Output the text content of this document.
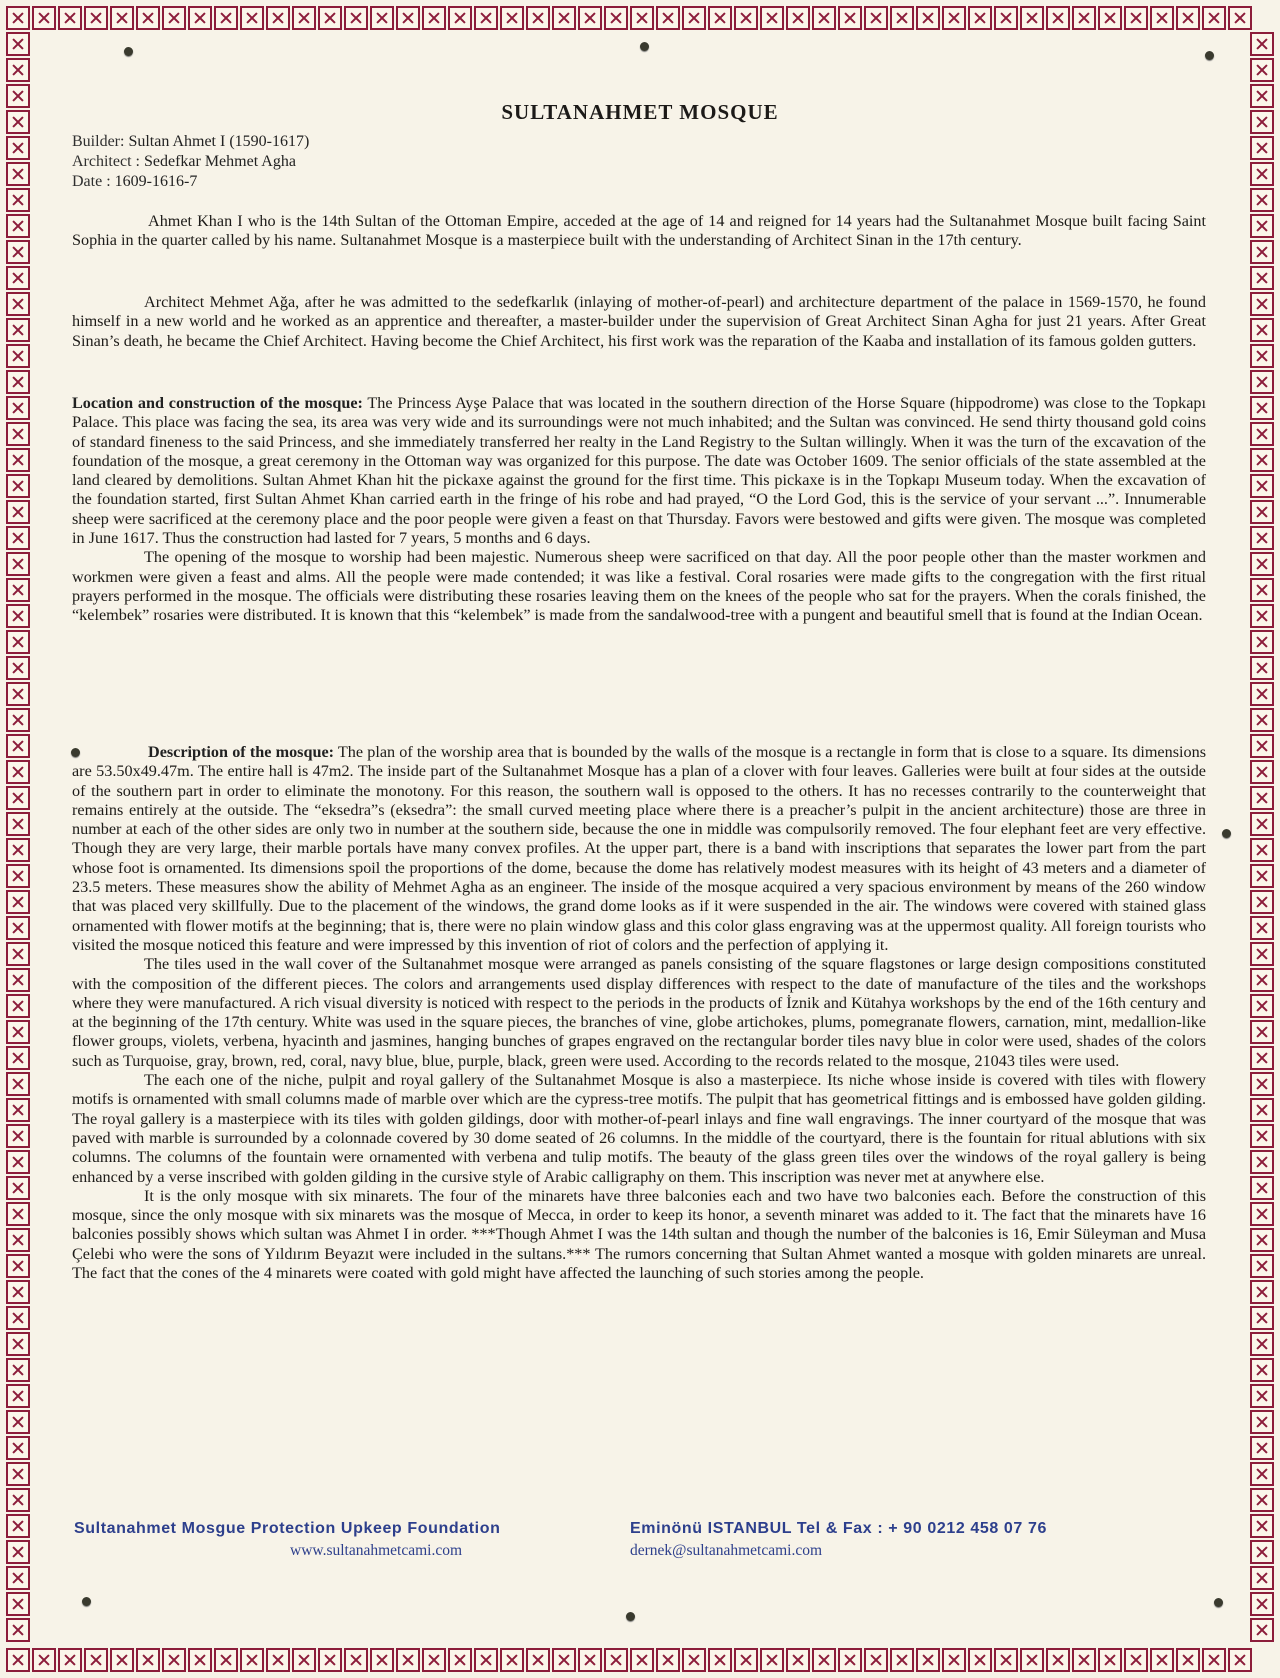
SULTANAHMET MOSQUE
Builder: Sultan Ahmet I (1590-1617)
Architect : Sedefkar Mehmet Agha
Date : 1609-1616-7

Ahmet Khan I who is the 14th Sultan of the Ottoman Empire, acceded at the age of 14 and reigned for 14 years had the Sultanahmet Mosque built facing Saint Sophia in the quarter called by his name. Sultanahmet Mosque is a masterpiece built with the understanding of Architect Sinan in the 17th century.

Architect Mehmet Ağa, after he was admitted to the sedefkarlık (inlaying of mother-of-pearl) and architecture department of the palace in 1569-1570, he found himself in a new world and he worked as an apprentice and thereafter, a master-builder under the supervision of Great Architect Sinan Agha for just 21 years. After Great Sinan’s death, he became the Chief Architect. Having become the Chief Architect, his first work was the reparation of the Kaaba and installation of its famous golden gutters.

Location and construction of the mosque: The Princess Ayşe Palace that was located in the southern direction of the Horse Square (hippodrome) was close to the Topkapı Palace. This place was facing the sea, its area was very wide and its surroundings were not much inhabited; and the Sultan was convinced. He send thirty thousand gold coins of standard fineness to the said Princess, and she immediately transferred her realty in the Land Registry to the Sultan willingly. When it was the turn of the excavation of the foundation of the mosque, a great ceremony in the Ottoman way was organized for this purpose. The date was October 1609. The senior officials of the state assembled at the land cleared by demolitions. Sultan Ahmet Khan hit the pickaxe against the ground for the first time. This pickaxe is in the Topkapı Museum today. When the excavation of the foundation started, first Sultan Ahmet Khan carried earth in the fringe of his robe and had prayed, “O the Lord God, this is the service of your servant ...”. Innumerable sheep were sacrificed at the ceremony place and the poor people were given a feast on that Thursday. Favors were bestowed and gifts were given. The mosque was completed in June 1617. Thus the construction had lasted for 7 years, 5 months and 6 days.

The opening of the mosque to worship had been majestic. Numerous sheep were sacrificed on that day. All the poor people other than the master workmen and workmen were given a feast and alms. All the people were made contended; it was like a festival. Coral rosaries were made gifts to the congregation with the first ritual prayers performed in the mosque. The officials were distributing these rosaries leaving them on the knees of the people who sat for the prayers. When the corals finished, the “kelembek” rosaries were distributed. It is known that this “kelembek” is made from the sandalwood-tree with a pungent and beautiful smell that is found at the Indian Ocean.

Description of the mosque: The plan of the worship area that is bounded by the walls of the mosque is a rectangle in form that is close to a square. Its dimensions are 53.50x49.47m. The entire hall is 47m2. The inside part of the Sultanahmet Mosque has a plan of a clover with four leaves. Galleries were built at four sides at the outside of the southern part in order to eliminate the monotony. For this reason, the southern wall is opposed to the others. It has no recesses contrarily to the counterweight that remains entirely at the outside. The “eksedra”s (eksedra”: the small curved meeting place where there is a preacher’s pulpit in the ancient architecture) those are three in number at each of the other sides are only two in number at the southern side, because the one in middle was compulsorily removed. The four elephant feet are very effective. Though they are very large, their marble portals have many convex profiles. At the upper part, there is a band with inscriptions that separates the lower part from the part whose foot is ornamented. Its dimensions spoil the proportions of the dome, because the dome has relatively modest measures with its height of 43 meters and a diameter of 23.5 meters. These measures show the ability of Mehmet Agha as an engineer. The inside of the mosque acquired a very spacious environment by means of the 260 window that was placed very skillfully. Due to the placement of the windows, the grand dome looks as if it were suspended in the air. The windows were covered with stained glass ornamented with flower motifs at the beginning; that is, there were no plain window glass and this color glass engraving was at the uppermost quality. All foreign tourists who visited the mosque noticed this feature and were impressed by this invention of riot of colors and the perfection of applying it.

The tiles used in the wall cover of the Sultanahmet mosque were arranged as panels consisting of the square flagstones or large design compositions constituted with the composition of the different pieces. The colors and arrangements used display differences with respect to the date of manufacture of the tiles and the workshops where they were manufactured. A rich visual diversity is noticed with respect to the periods in the products of İznik and Kütahya workshops by the end of the 16th century and at the beginning of the 17th century. White was used in the square pieces, the branches of vine, globe artichokes, plums, pomegranate flowers, carnation, mint, medallion-like flower groups, violets, verbena, hyacinth and jasmines, hanging bunches of grapes engraved on the rectangular border tiles navy blue in color were used, shades of the colors such as Turquoise, gray, brown, red, coral, navy blue, blue, purple, black, green were used. According to the records related to the mosque, 21043 tiles were used.

The each one of the niche, pulpit and royal gallery of the Sultanahmet Mosque is also a masterpiece. Its niche whose inside is covered with tiles with flowery motifs is ornamented with small columns made of marble over which are the cypress-tree motifs. The pulpit that has geometrical fittings and is embossed have golden gilding. The royal gallery is a masterpiece with its tiles with golden gildings, door with mother-of-pearl inlays and fine wall engravings. The inner courtyard of the mosque that was paved with marble is surrounded by a colonnade covered by 30 dome seated of 26 columns. In the middle of the courtyard, there is the fountain for ritual ablutions with six columns. The columns of the fountain were ornamented with verbena and tulip motifs. The beauty of the glass green tiles over the windows of the royal gallery is being enhanced by a verse inscribed with golden gilding in the cursive style of Arabic calligraphy on them. This inscription was never met at anywhere else.

It is the only mosque with six minarets. The four of the minarets have three balconies each and two have two balconies each. Before the construction of this mosque, since the only mosque with six minarets was the mosque of Mecca, in order to keep its honor, a seventh minaret was added to it. The fact that the minarets have 16 balconies possibly shows which sultan was Ahmet I in order. ***Though Ahmet I was the 14th sultan and though the number of the balconies is 16, Emir Süleyman and Musa Çelebi who were the sons of Yıldırım Beyazıt were included in the sultans.*** The rumors concerning that Sultan Ahmet wanted a mosque with golden minarets are unreal. The fact that the cones of the 4 minarets were coated with gold might have affected the launching of such stories among the people.

Sultanahmet Mosgue Protection Upkeep Foundation
www.sultanahmetcami.com
Eminönü ISTANBUL Tel & Fax : + 90 0212 458 07 76
dernek@sultanahmetcami.com
